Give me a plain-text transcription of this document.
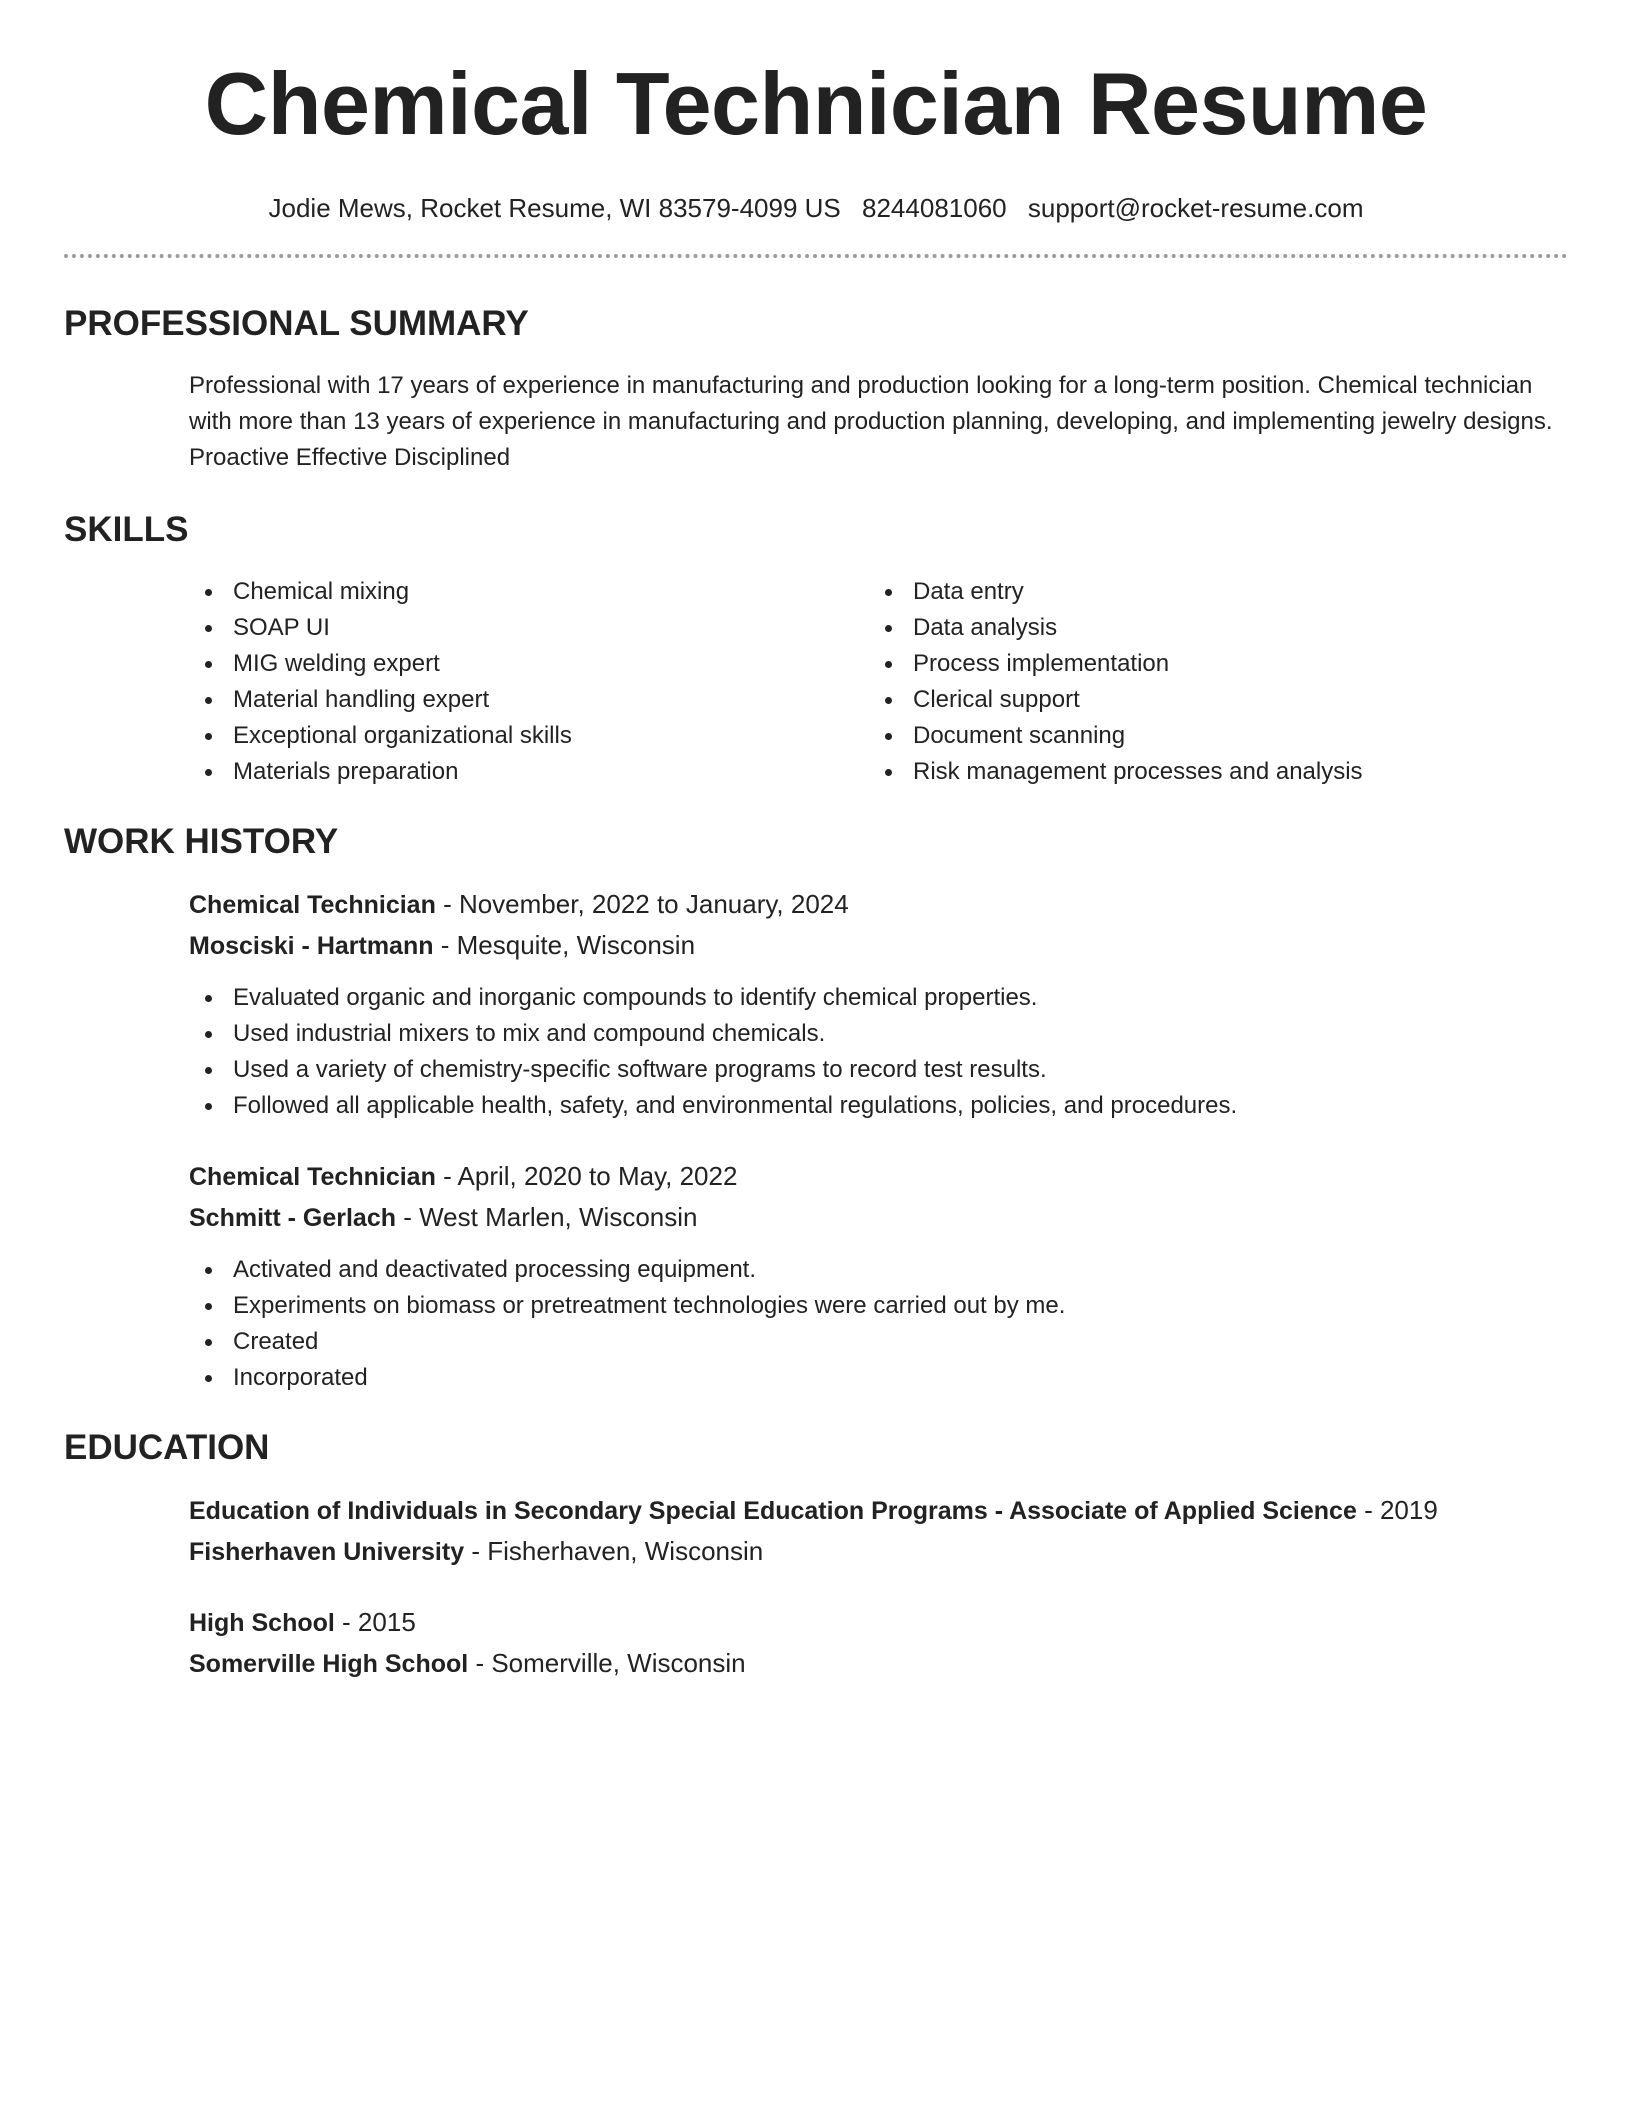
Chemical Technician Resume
Jodie Mews, Rocket Resume, WI 83579-4099 US 8244081060 support@rocket-resume.com
PROFESSIONAL SUMMARY

Professional with 17 years of experience in manufacturing and production looking for a long-term position. Chemical technician with more than 13 years of experience in manufacturing and production planning, developing, and implementing jewelry designs. Proactive Effective Disciplined

SKILLS
Chemical mixing
SOAP UI
MIG welding expert
Material handling expert
Exceptional organizational skills
Materials preparation
Data entry
Data analysis
Process implementation
Clerical support
Document scanning
Risk management processes and analysis
WORK HISTORY
Chemical Technician - November, 2022 to January, 2024
Mosciski - Hartmann - Mesquite, Wisconsin
Evaluated organic and inorganic compounds to identify chemical properties.
Used industrial mixers to mix and compound chemicals.
Used a variety of chemistry-specific software programs to record test results.
Followed all applicable health, safety, and environmental regulations, policies, and procedures.
Chemical Technician - April, 2020 to May, 2022
Schmitt - Gerlach - West Marlen, Wisconsin
Activated and deactivated processing equipment.
Experiments on biomass or pretreatment technologies were carried out by me.
Created
Incorporated
EDUCATION
Education of Individuals in Secondary Special Education Programs - Associate of Applied Science - 2019
Fisherhaven University - Fisherhaven, Wisconsin
High School - 2015
Somerville High School - Somerville, Wisconsin
